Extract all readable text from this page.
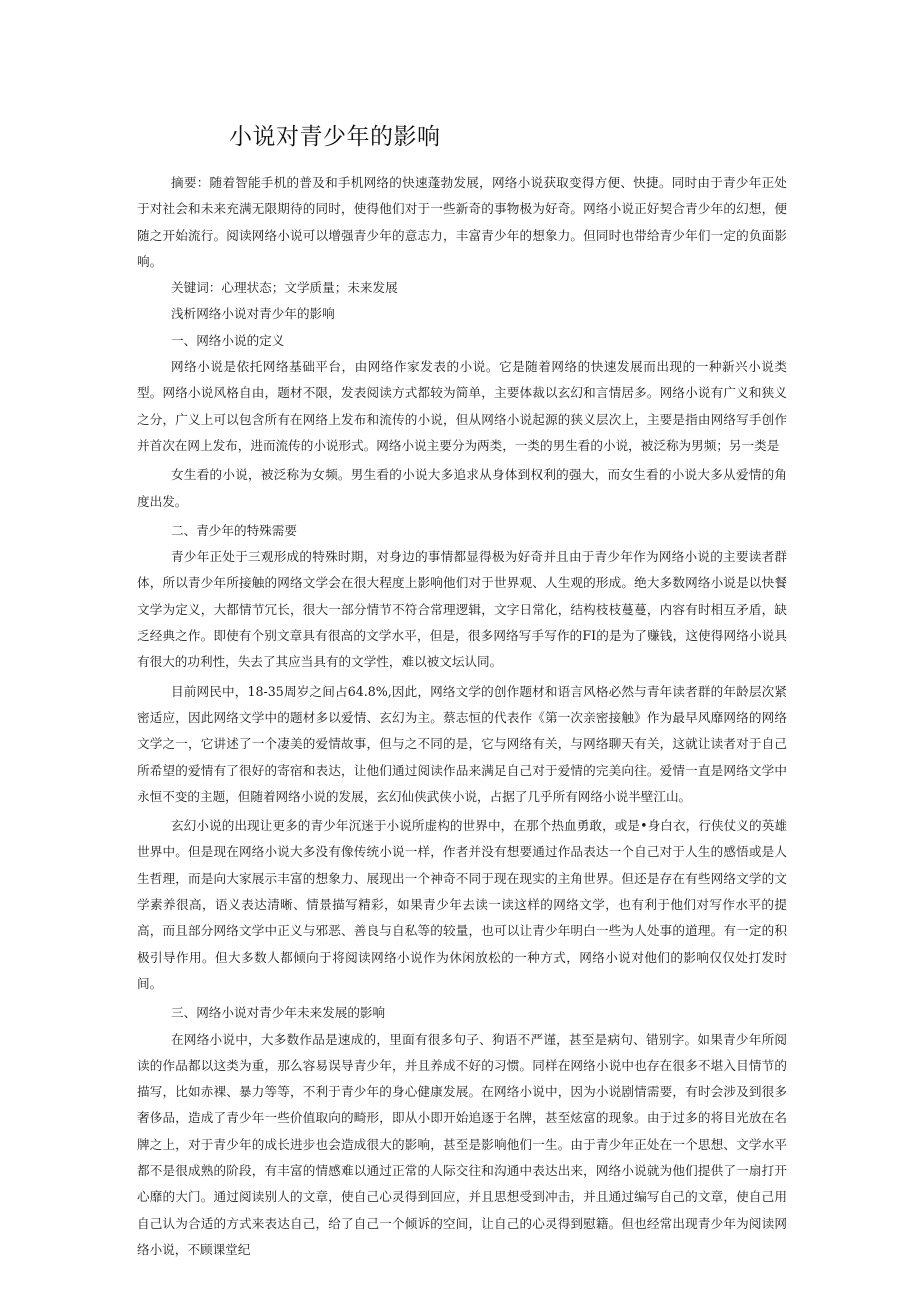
小说对青少年的影响

摘要：随着智能手机的普及和手机网络的快速蓬勃发展，网络小说获取变得方便、快捷。同时由于青少年正处于对社会和未来充满无限期待的同时，使得他们对于一些新奇的事物极为好奇。网络小说正好契合青少年的幻想，便随之开始流行。阅读网络小说可以增强青少年的意志力，丰富青少年的想象力。但同时也带给青少年们一定的负面影响。

关键词：心理状态；文学质量；未来发展

浅析网络小说对青少年的影响

一、网络小说的定义

网络小说是依托网络基础平台，由网络作家发表的小说。它是随着网络的快速发展而出现的一种新兴小说类型。网络小说风格自由，题材不限，发表阅读方式都较为简单，主要体裁以玄幻和言情居多。网络小说有广义和狭义之分，广义上可以包含所有在网络上发布和流传的小说，但从网络小说起源的狭义层次上，主要是指由网络写手创作并首次在网上发布，进而流传的小说形式。网络小说主要分为两类，一类的男生看的小说，被泛称为男频；另一类是

女生看的小说，被泛称为女频。男生看的小说大多追求从身体到权利的强大，而女生看的小说大多从爱情的角度出发。

二、青少年的特殊需要

青少年正处于三观形成的特殊时期，对身边的事情都显得极为好奇并且由于青少年作为网络小说的主要读者群体，所以青少年所接触的网络文学会在很大程度上影响他们对于世界观、人生观的形成。绝大多数网络小说是以快餐文学为定义，大都情节冗长，很大一部分情节不符合常理逻辑，文字日常化，结构枝枝蔓蔓，内容有时相互矛盾，缺乏经典之作。即使有个别文章具有很高的文学水平，但是，很多网络写手写作的FI的是为了赚钱，这使得网络小说具有很大的功利性，失去了其应当具有的文学性，难以被文坛认同。

目前网民中，18-35周岁之间占64.8%,因此，网络文学的创作题材和语言风格必然与青年读者群的年龄层次紧密适应，因此网络文学中的题材多以爱情、玄幻为主。蔡志恒的代表作《第一次亲密接触》作为最早风靡网络的网络文学之一，它讲述了一个凄美的爱情故事，但与之不同的是，它与网络有关，与网络聊天有关，这就让读者对于自己所希望的爱情有了很好的寄宿和表达，让他们通过阅读作品来满足自己对于爱情的完美向往。爱情一直是网络文学中永恒不变的主题，但随着网络小说的发展，玄幻仙侠武侠小说，占据了几乎所有网络小说半壁江山。

玄幻小说的出现让更多的青少年沉迷于小说所虚构的世界中，在那个热血勇敢，或是•身白衣，行侠仗义的英雄世界中。但是现在网络小说大多没有像传统小说一样，作者并没有想要通过作品表达一个自己对于人生的感悟或是人生哲理，而是向大家展示丰富的想象力、展现出一个神奇不同于现在现实的主角世界。但还是存在有些网络文学的文学素养很高，语义表达清晰、情景描写精彩，如果青少年去读一读这样的网络文学，也有利于他们对写作水平的提高，而且部分网络文学中正义与邪恶、善良与自私等的较量，也可以让青少年明白一些为人处事的道理。有一定的积极引导作用。但大多数人都倾向于将阅读网络小说作为休闲放松的一种方式，网络小说对他们的影响仅仅处打发时间。

三、网络小说对青少年未来发展的影响

在网络小说中，大多数作品是速成的，里面有很多句子、狗语不严谨，甚至是病句、错别字。如果青少年所阅读的作品都以这类为重，那么容易误导青少年，并且养成不好的习惯。同样在网络小说中也存在很多不堪入目情节的描写，比如赤裸、暴力等等，不利于青少年的身心健康发展。在网络小说中，因为小说剧情需要，有时会涉及到很多奢侈品，造成了青少年一些价值取向的畸形，即从小即开始追逐于名牌，甚至炫富的现象。由于过多的将目光放在名牌之上，对于青少年的成长进步也会造成很大的影响，甚至是影响他们一生。由于青少年正处在一个思想、文学水平都不是很成熟的阶段，有丰富的情感难以通过正常的人际交往和沟通中表达出来，网络小说就为他们提供了一扇打开心靡的大门。通过阅读别人的文章，使自己心灵得到回应，并且思想受到冲击，并且通过编写自己的文章，使自己用自己认为合适的方式来表达自己，给了自己一个倾诉的空间，让自己的心灵得到慰籍。但也经常出现青少年为阅读网络小说，不顾课堂纪
